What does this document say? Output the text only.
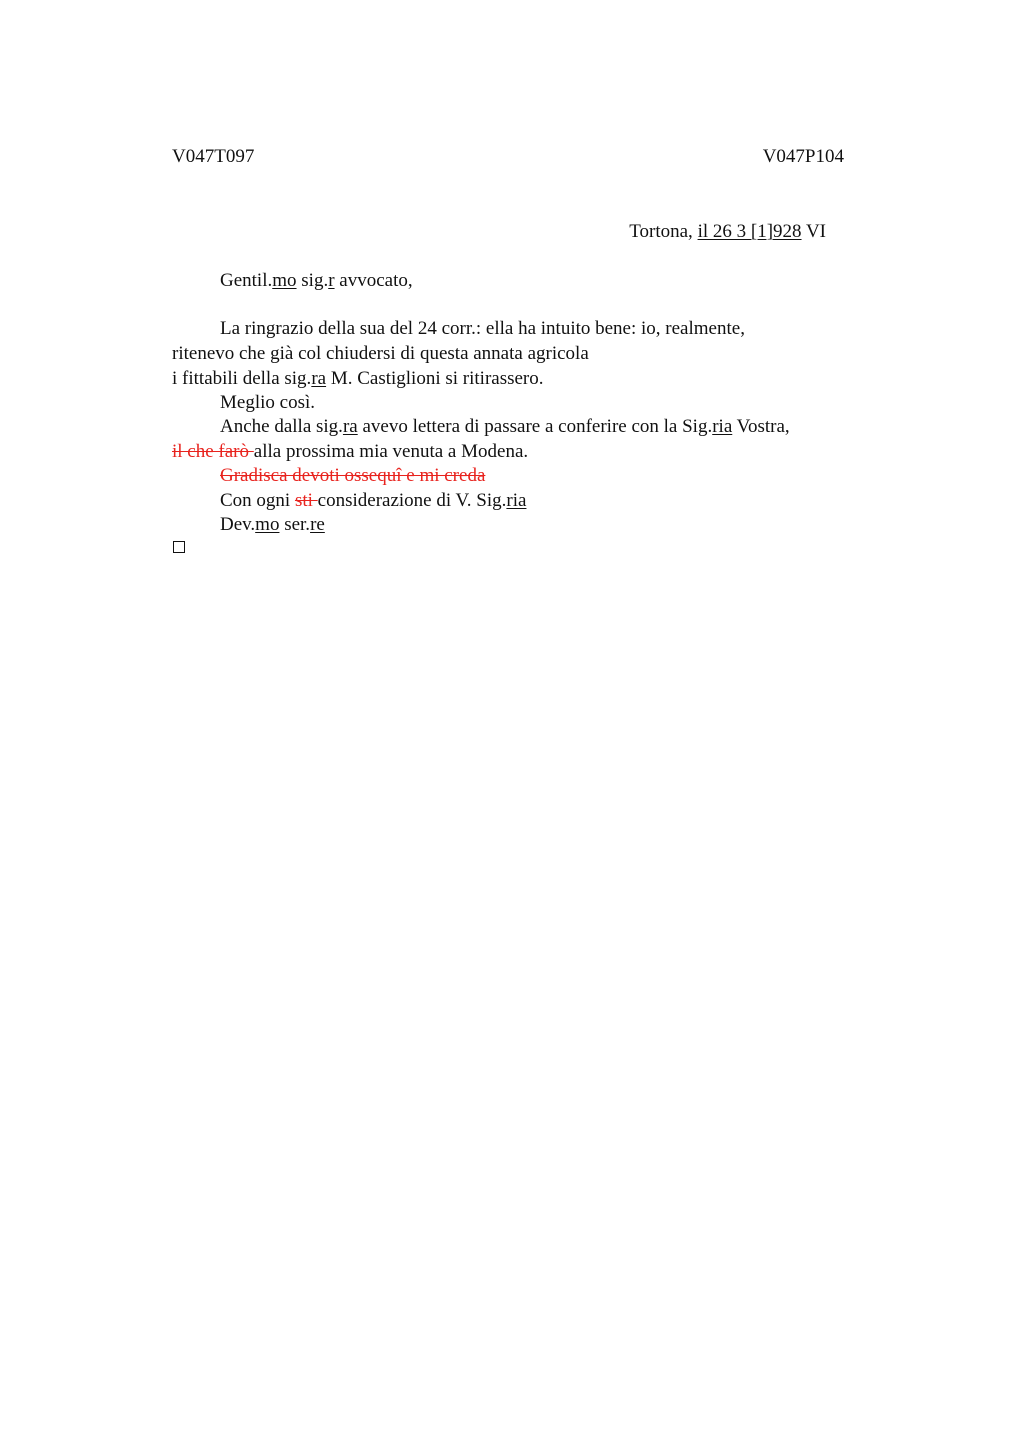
V047T097	V047P104
Tortona, il 26 3 [1]928 VI
Gentil.mo sig.r avvocato,
La ringrazio della sua del 24 corr.: ella ha intuito bene: io, realmente,
ritenevo che già col chiudersi di questa annata agricola
i fittabili della sig.ra M. Castiglioni si ritirassero.
Meglio così.
Anche dalla sig.ra avevo lettera di passare a conferire con la Sig.ria Vostra,
il che farò alla prossima mia venuta a Modena.
Gradisca devoti ossequî e mi creda
Con ogni sti considerazione di V. Sig.ria
Dev.mo ser.re
